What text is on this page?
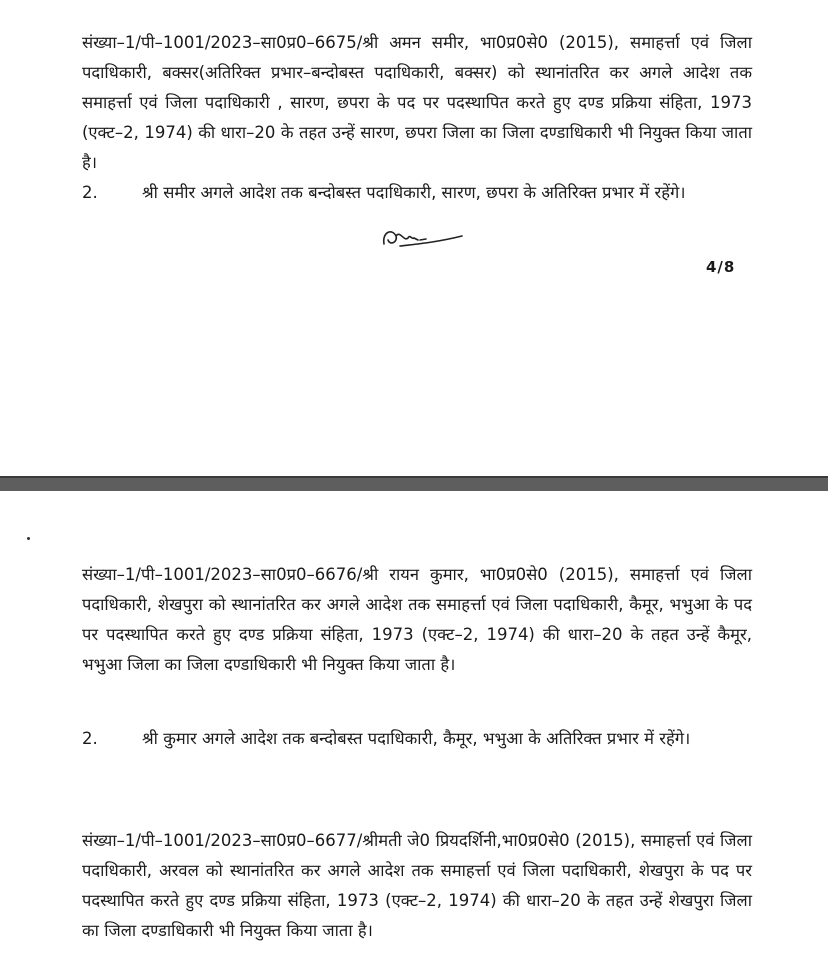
संख्या–1/पी–1001/2023–सा0प्र0–6675/श्री अमन समीर, भा0प्र0से0 (2015), समाहर्त्ता एवं जिला पदाधिकारी, बक्सर(अतिरिक्त प्रभार–बन्दोबस्त पदाधिकारी, बक्सर) को स्थानांतरित कर अगले आदेश तक समाहर्त्ता एवं जिला पदाधिकारी , सारण, छपरा के पद पर पदस्थापित करते हुए दण्ड प्रक्रिया संहिता, 1973 (एक्ट–2, 1974) की धारा–20 के तहत उन्हें सारण, छपरा जिला का जिला दण्डाधिकारी भी नियुक्त किया जाता है।

2.	श्री समीर अगले आदेश तक बन्दोबस्त पदाधिकारी, सारण, छपरा के अतिरिक्त प्रभार में रहेंगे।

4/8

संख्या–1/पी–1001/2023–सा0प्र0–6676/श्री रायन कुमार, भा0प्र0से0 (2015), समाहर्त्ता एवं जिला पदाधिकारी, शेखपुरा को स्थानांतरित कर अगले आदेश तक समाहर्त्ता एवं जिला पदाधिकारी, कैमूर, भभुआ के पद पर पदस्थापित करते हुए दण्ड प्रक्रिया संहिता, 1973 (एक्ट–2, 1974) की धारा–20 के तहत उन्हें कैमूर, भभुआ जिला का जिला दण्डाधिकारी भी नियुक्त किया जाता है।

2.	श्री कुमार अगले आदेश तक बन्दोबस्त पदाधिकारी, कैमूर, भभुआ के अतिरिक्त प्रभार में रहेंगे।

संख्या–1/पी–1001/2023–सा0प्र0–6677/श्रीमती जे0 प्रियदर्शिनी,भा0प्र0से0 (2015), समाहर्त्ता एवं जिला पदाधिकारी, अरवल को स्थानांतरित कर अगले आदेश तक समाहर्त्ता एवं जिला पदाधिकारी, शेखपुरा के पद पर पदस्थापित करते हुए दण्ड प्रक्रिया संहिता, 1973 (एक्ट–2, 1974) की धारा–20 के तहत उन्हें शेखपुरा जिला का जिला दण्डाधिकारी भी नियुक्त किया जाता है।
